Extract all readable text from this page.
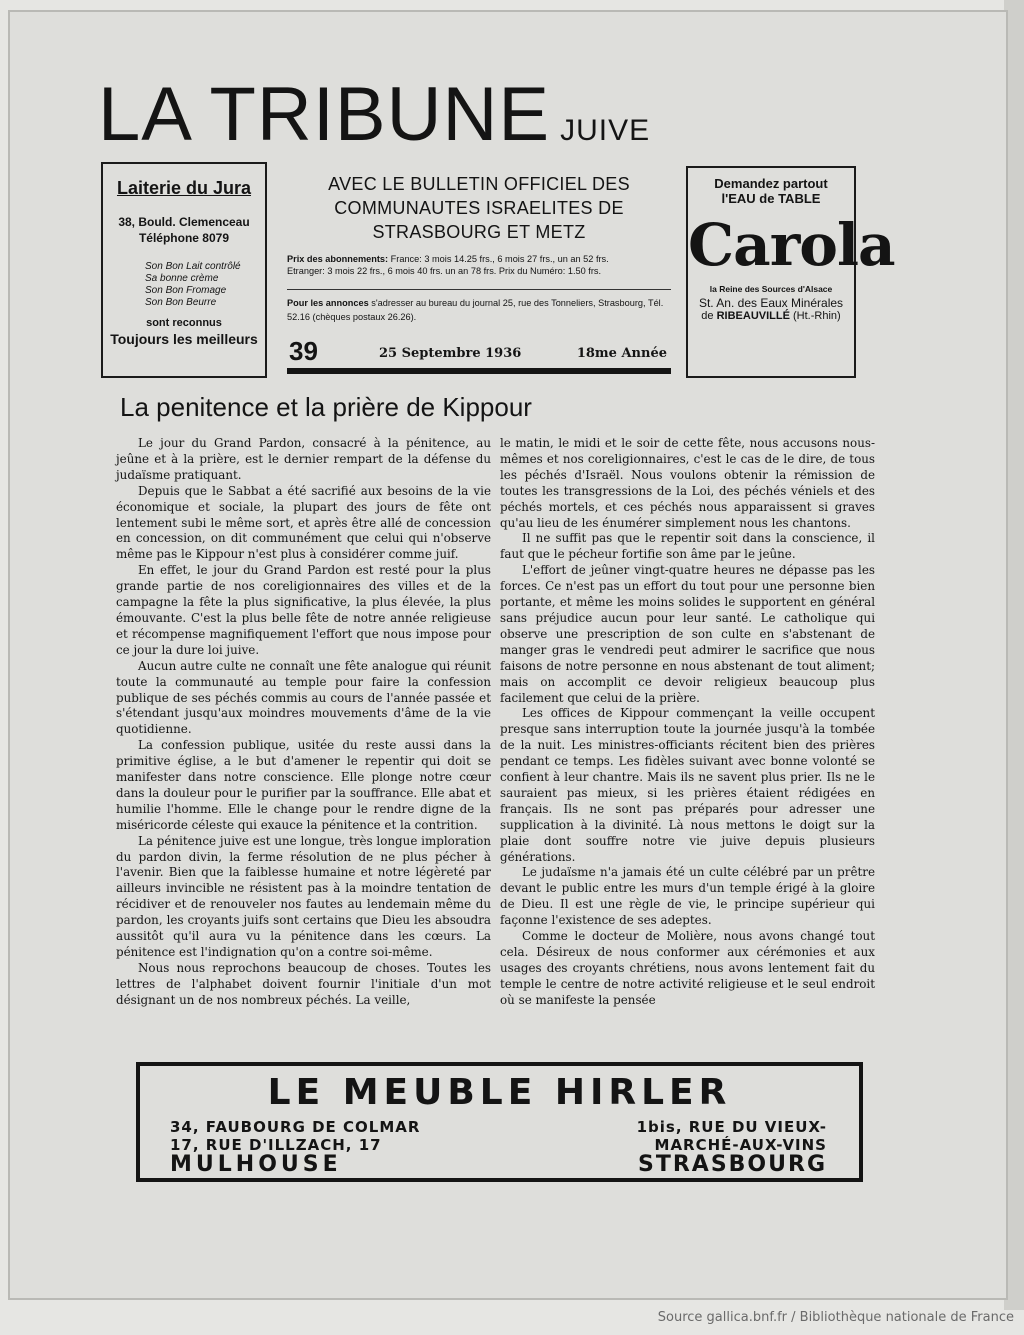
LA TRIBUNE JUIVE
Laiterie du Jura
38, Bould. Clemenceau
Téléphone 8079
Son Bon Lait contrôlé
Sa bonne crème
Son Bon Fromage
Son Bon Beurre
sont reconnus
Toujours les meilleurs
AVEC LE BULLETIN OFFICIEL DES COMMUNAUTES ISRAELITES DE STRASBOURG ET METZ
Prix des abonnements: France: 3 mois 14.25 frs., 6 mois 27 frs., un an 52 frs.
Etranger: 3 mois 22 frs., 6 mois 40 frs. un an 78 frs. Prix du Numéro: 1.50 frs.
Pour les annonces s'adresser au bureau du journal 25, rue des Tonneliers, Strasbourg, Tél. 52.16 (chèques postaux 26.26).
39	25 Septembre 1936	18me Année
Demandez partout
l'EAU de TABLE
Carola
la Reine des Sources d'Alsace
St. An. des Eaux Minérales
de RIBEAUVILLÉ (Ht.-Rhin)
La penitence et la prière de Kippour

Le jour du Grand Pardon, consacré à la pénitence, au jeûne et à la prière, est le dernier rempart de la défense du judaïsme pratiquant.

Depuis que le Sabbat a été sacrifié aux besoins de la vie économique et sociale, la plupart des jours de fête ont lentement subi le même sort, et après être allé de concession en concession, on dit communément que celui qui n'observe même pas le Kippour n'est plus à considérer comme juif.

En effet, le jour du Grand Pardon est resté pour la plus grande partie de nos coreligionnaires des villes et de la campagne la fête la plus significative, la plus élevée, la plus émouvante. C'est la plus belle fête de notre année religieuse et récompense magnifiquement l'effort que nous impose pour ce jour la dure loi juive.

Aucun autre culte ne connaît une fête analogue qui réunit toute la communauté au temple pour faire la confession publique de ses péchés commis au cours de l'année passée et s'étendant jusqu'aux moindres mouvements d'âme de la vie quotidienne.

La confession publique, usitée du reste aussi dans la primitive église, a le but d'amener le repentir qui doit se manifester dans notre conscience. Elle plonge notre cœur dans la douleur pour le purifier par la souffrance. Elle abat et humilie l'homme. Elle le change pour le rendre digne de la miséricorde céleste qui exauce la pénitence et la contrition.

La pénitence juive est une longue, très longue imploration du pardon divin, la ferme résolution de ne plus pécher à l'avenir. Bien que la faiblesse humaine et notre légèreté par ailleurs invincible ne résistent pas à la moindre tentation de récidiver et de renouveler nos fautes au lendemain même du pardon, les croyants juifs sont certains que Dieu les absoudra aussitôt qu'il aura vu la pénitence dans les cœurs. La pénitence est l'indignation qu'on a contre soi-même.

Nous nous reprochons beaucoup de choses. Toutes les lettres de l'alphabet doivent fournir l'initiale d'un mot désignant un de nos nombreux péchés. La veille,

le matin, le midi et le soir de cette fête, nous accusons nous-mêmes et nos coreligionnaires, c'est le cas de le dire, de tous les péchés d'Israël. Nous voulons obtenir la rémission de toutes les transgressions de la Loi, des péchés véniels et des péchés mortels, et ces péchés nous apparaissent si graves qu'au lieu de les énumérer simplement nous les chantons.

Il ne suffit pas que le repentir soit dans la conscience, il faut que le pécheur fortifie son âme par le jeûne.

L'effort de jeûner vingt-quatre heures ne dépasse pas les forces. Ce n'est pas un effort du tout pour une personne bien portante, et même les moins solides le supportent en général sans préjudice aucun pour leur santé. Le catholique qui observe une prescription de son culte en s'abstenant de manger gras le vendredi peut admirer le sacrifice que nous faisons de notre personne en nous abstenant de tout aliment; mais on accomplit ce devoir religieux beaucoup plus facilement que celui de la prière.

Les offices de Kippour commençant la veille occupent presque sans interruption toute la journée jusqu'à la tombée de la nuit. Les ministres-officiants récitent bien des prières pendant ce temps. Les fidèles suivant avec bonne volonté se confient à leur chantre. Mais ils ne savent plus prier. Ils ne le sauraient pas mieux, si les prières étaient rédigées en français. Ils ne sont pas préparés pour adresser une supplication à la divinité. Là nous mettons le doigt sur la plaie dont souffre notre vie juive depuis plusieurs générations.

Le judaïsme n'a jamais été un culte célébré par un prêtre devant le public entre les murs d'un temple érigé à la gloire de Dieu. Il est une règle de vie, le principe supérieur qui façonne l'existence de ses adeptes.

Comme le docteur de Molière, nous avons changé tout cela. Désireux de nous conformer aux cérémonies et aux usages des croyants chrétiens, nous avons lentement fait du temple le centre de notre activité religieuse et le seul endroit où se manifeste la pensée

LE MEUBLE HIRLER
34, FAUBOURG DE COLMAR
17, RUE D'ILLZACH, 17
MULHOUSE
1bis, RUE DU VIEUX-
MARCHÉ-AUX-VINS
STRASBOURG
Source gallica.bnf.fr / Bibliothèque nationale de France
